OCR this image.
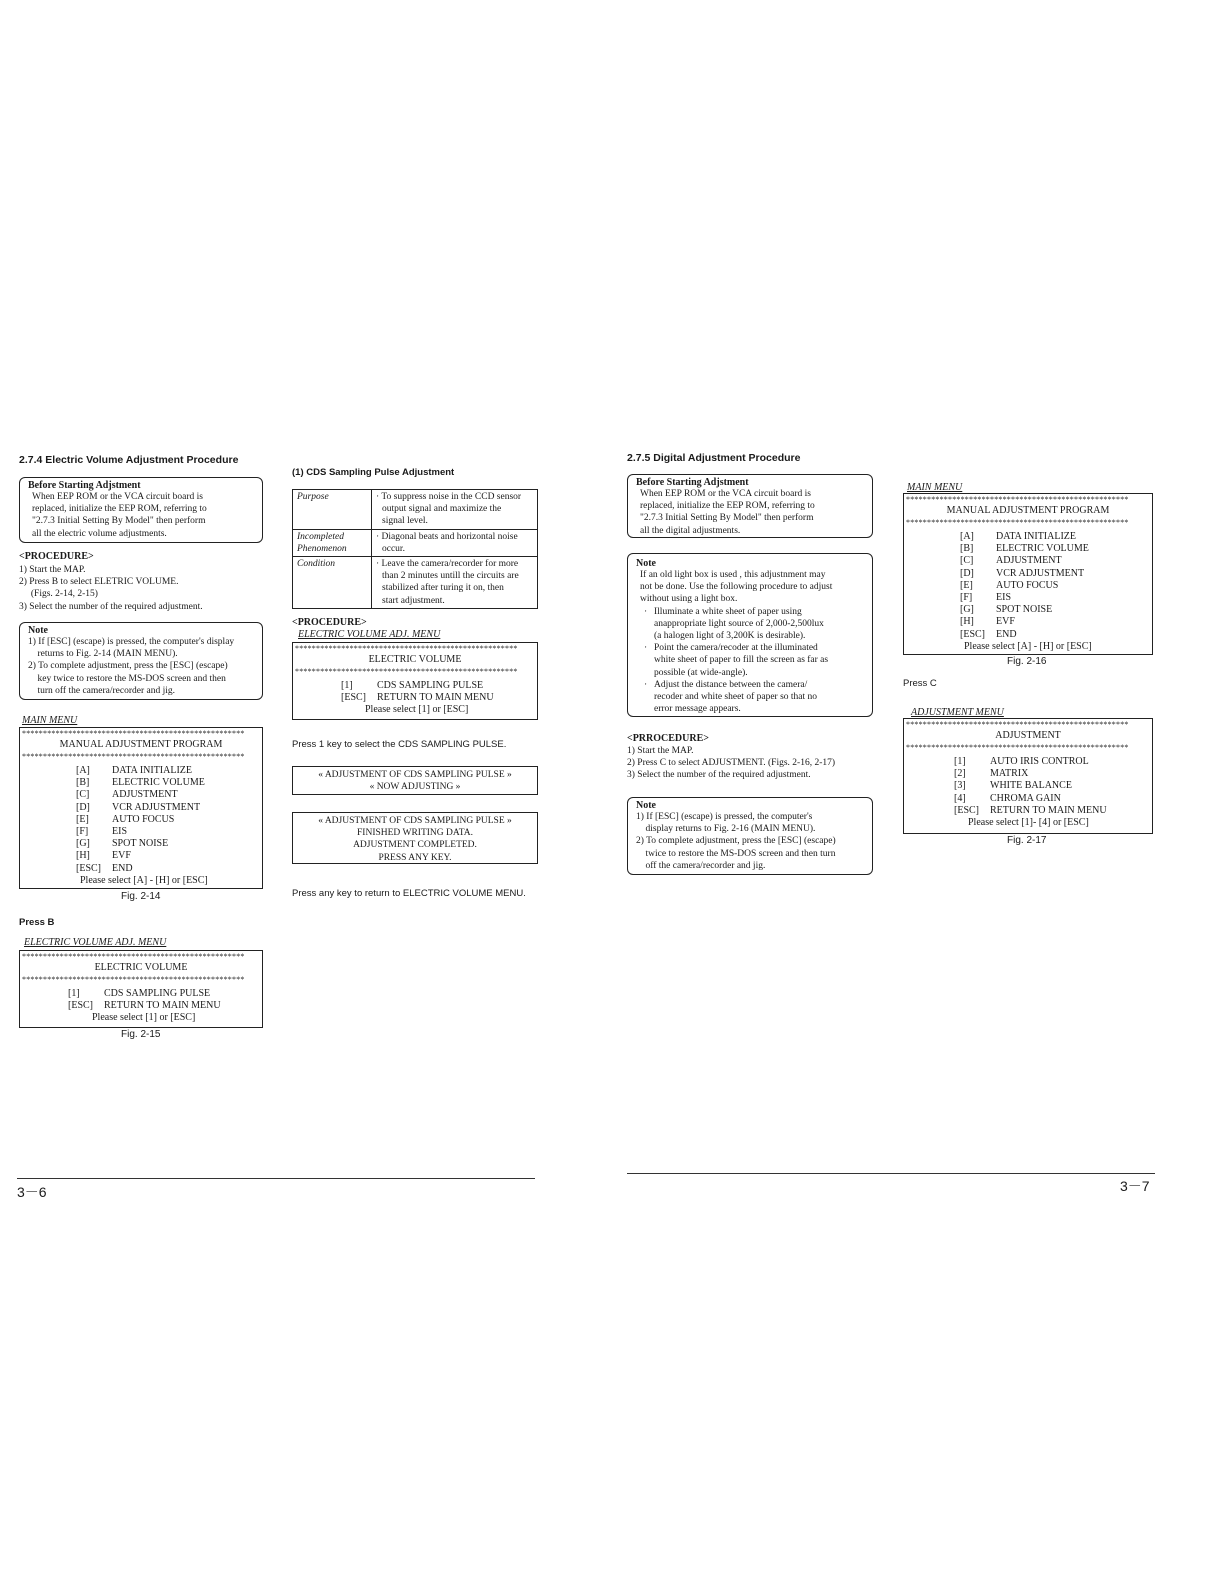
2.7.4 Electric Volume Adjustment Procedure
Before Starting Adjstment
When EEP ROM or the VCA circuit board is
replaced, initialize the EEP ROM, referring to
"2.7.3 Initial Setting By Model" then perform
all the electric volume adjustments.
<PROCEDURE>
1) Start the MAP.
2) Press B to select ELETRIC VOLUME.
(Figs. 2-14, 2-15)
3) Select the number of the required adjustment.
Note
1) If [ESC] (escape) is pressed, the computer's display
returns to Fig. 2-14 (MAIN MENU).
2) To complete adjustment, press the [ESC] (escape)
key twice to restore the MS-DOS screen and then
turn off the camera/recorder and jig.
MAIN MENU
*****************************************************
MANUAL ADJUSTMENT PROGRAM
*****************************************************
[A]	DATA INITIALIZE
[B]	ELECTRIC VOLUME
[C]	ADJUSTMENT
[D]	VCR ADJUSTMENT
[E]	AUTO FOCUS
[F]	EIS
[G]	SPOT NOISE
[H]	EVF
[ESC]	END
Please select [A] - [H] or [ESC]
Fig. 2-14
Press B
ELECTRIC VOLUME ADJ. MENU
*****************************************************
ELECTRIC VOLUME
*****************************************************
[1]	CDS SAMPLING PULSE
[ESC]	RETURN TO MAIN MENU
Please select [1] or [ESC]
Fig. 2-15
3－6
(1) CDS Sampling Pulse Adjustment
Purpose	· To suppress noise in the CCD sensor
output signal and maximize the
signal level.

Incompleted Phenomenon	· Diagonal beats and horizontal noise
occur.

Condition	· Leave the camera/recorder for more
than 2 minutes untill the circuits are
stabilized after turing it on, then
start adjustment.
<PROCEDURE>
ELECTRIC VOLUME ADJ. MENU
*****************************************************
ELECTRIC VOLUME
*****************************************************
[1]	CDS SAMPLING PULSE
[ESC]	RETURN TO MAIN MENU
Please select [1] or [ESC]
Press 1 key to select the CDS SAMPLING PULSE.
« ADJUSTMENT OF CDS SAMPLING PULSE »
« NOW ADJUSTING »
« ADJUSTMENT OF CDS SAMPLING PULSE »
FINISHED WRITING DATA.
ADJUSTMENT COMPLETED.
PRESS ANY KEY.
Press any key to return to ELECTRIC VOLUME MENU.
2.7.5 Digital Adjustment Procedure
Before Starting Adjstment
When EEP ROM or the VCA circuit board is
replaced, initialize the EEP ROM, referring to
"2.7.3 Initial Setting By Model" then perform
all the digital adjustments.
Note
If an old light box is used , this adjustnment may
not be done. Use the following procedure to adjust
without using a light box.
· Illuminate a white sheet of paper using
anappropriate light source of 2,000-2,500lux
(a halogen light of 3,200K is desirable).
· Point the camera/recoder at the illuminated
white sheet of paper to fill the screen as far as
possible (at wide-angle).
· Adjust the distance between the camera/
recoder and white sheet of paper so that no
error message appears.
<PRROCEDURE>
1) Start the MAP.
2) Press C to select ADJUSTMENT. (Figs. 2-16, 2-17)
3) Select the number of the required adjustment.
Note
1) If [ESC] (escape) is pressed, the computer's
display returns to Fig. 2-16 (MAIN MENU).
2) To complete adjustment, press the [ESC] (escape)
twice to restore the MS-DOS screen and then turn
off the camera/recorder and jig.
MAIN MENU
*****************************************************
MANUAL ADJUSTMENT PROGRAM
*****************************************************
[A]	DATA INITIALIZE
[B]	ELECTRIC VOLUME
[C]	ADJUSTMENT
[D]	VCR ADJUSTMENT
[E]	AUTO FOCUS
[F]	EIS
[G]	SPOT NOISE
[H]	EVF
[ESC]	END
Please select [A] - [H] or [ESC]
Fig. 2-16
Press C
ADJUSTMENT MENU
*****************************************************
ADJUSTMENT
*****************************************************
[1]	AUTO IRIS CONTROL
[2]	MATRIX
[3]	WHITE BALANCE
[4]	CHROMA GAIN
[ESC]	RETURN TO MAIN MENU
Please select [1]- [4] or [ESC]
Fig. 2-17
3－7
